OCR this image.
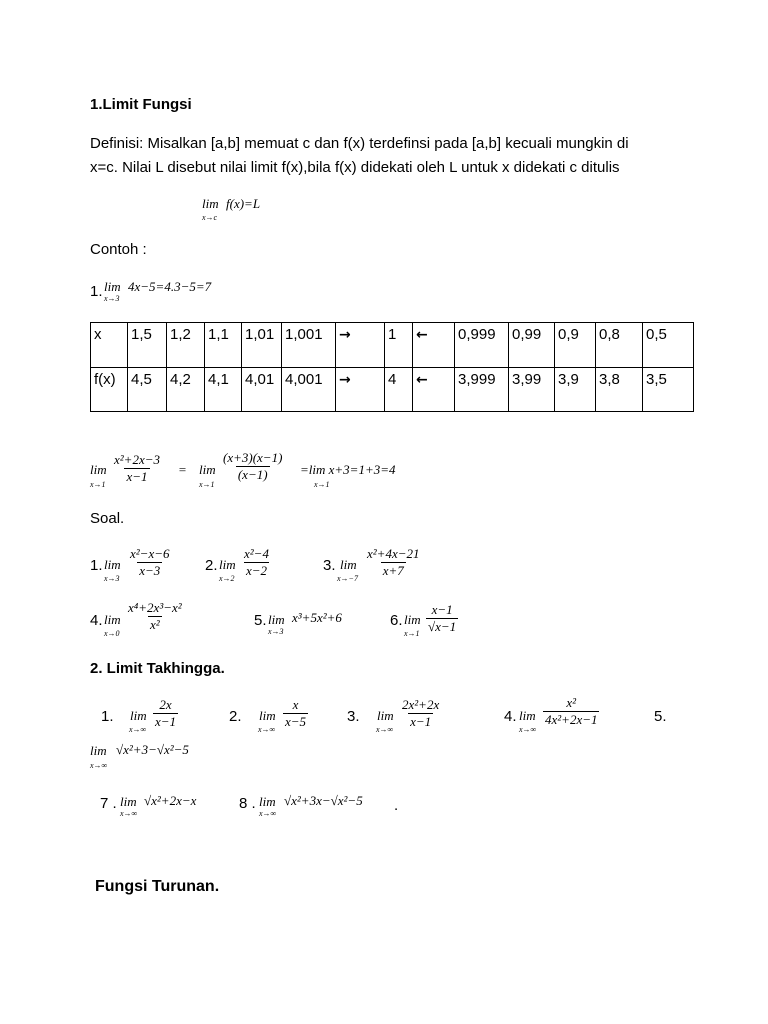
1.Limit Fungsi
Definisi: Misalkan [a,b] memuat c dan f(x) terdefinsi pada [a,b] kecuali mungkin di
x=c. Nilai L disebut nilai limit f(x),bila f(x) didekati oleh L untuk x didekati c ditulis
lim
x→c
f(x)=L
Contoh :
1. lim
x→3
4x−5=4.3−5=7
x	1,5	1,2	1,1	1,01	1,001	→	1	←	0,999	0,99	0,9	0,8	0,5
f(x)	4,5	4,2	4,1	4,01	4,001	→	4	←	3,999	3,99	3,9	3,8	3,5
lim
x→1
$\frac{\text{x²+2x−3}}{x-1} = \lim$
x→1
$\frac{(x+3)(x-1)}{(x-1)} =\lim$ x+3=1+3=4
x→1
Soal.
1. lim
x→3
$\frac{\text{x²−x−6}}{x-3} 2$. lim
x→2
$\frac{\text{x²−4}}{x-2}$	3. lim
x→−7
$\frac{\text{x²+4x−21}}{x+7}$
4. lim
x→0
$\frac{\text{x⁴+2x³−x²}}{\text{x²}}$	5. lim
x→3
x³+5x²+6	6. lim
$x\to 1 \frac{x-1}{√x-1}$
2. Limit Takhingga.
1. lim
x→∞
$\frac{2x}{x-1}$	2. lim
x→∞
$\frac{x}{x-5}$	3. lim
x→∞
$\frac{\text{2x²+2x}}{x-1}$	4. lim
x→∞
$\frac{\text{x²}}{\text{4x²+2x−1}}$	5.
lim
x→∞
√x²+3−√x²−5
7 . lim
x→∞
√x²+2x−x	8 . lim
x→∞
√x²+3x−√x²−5 .
Fungsi Turunan.
